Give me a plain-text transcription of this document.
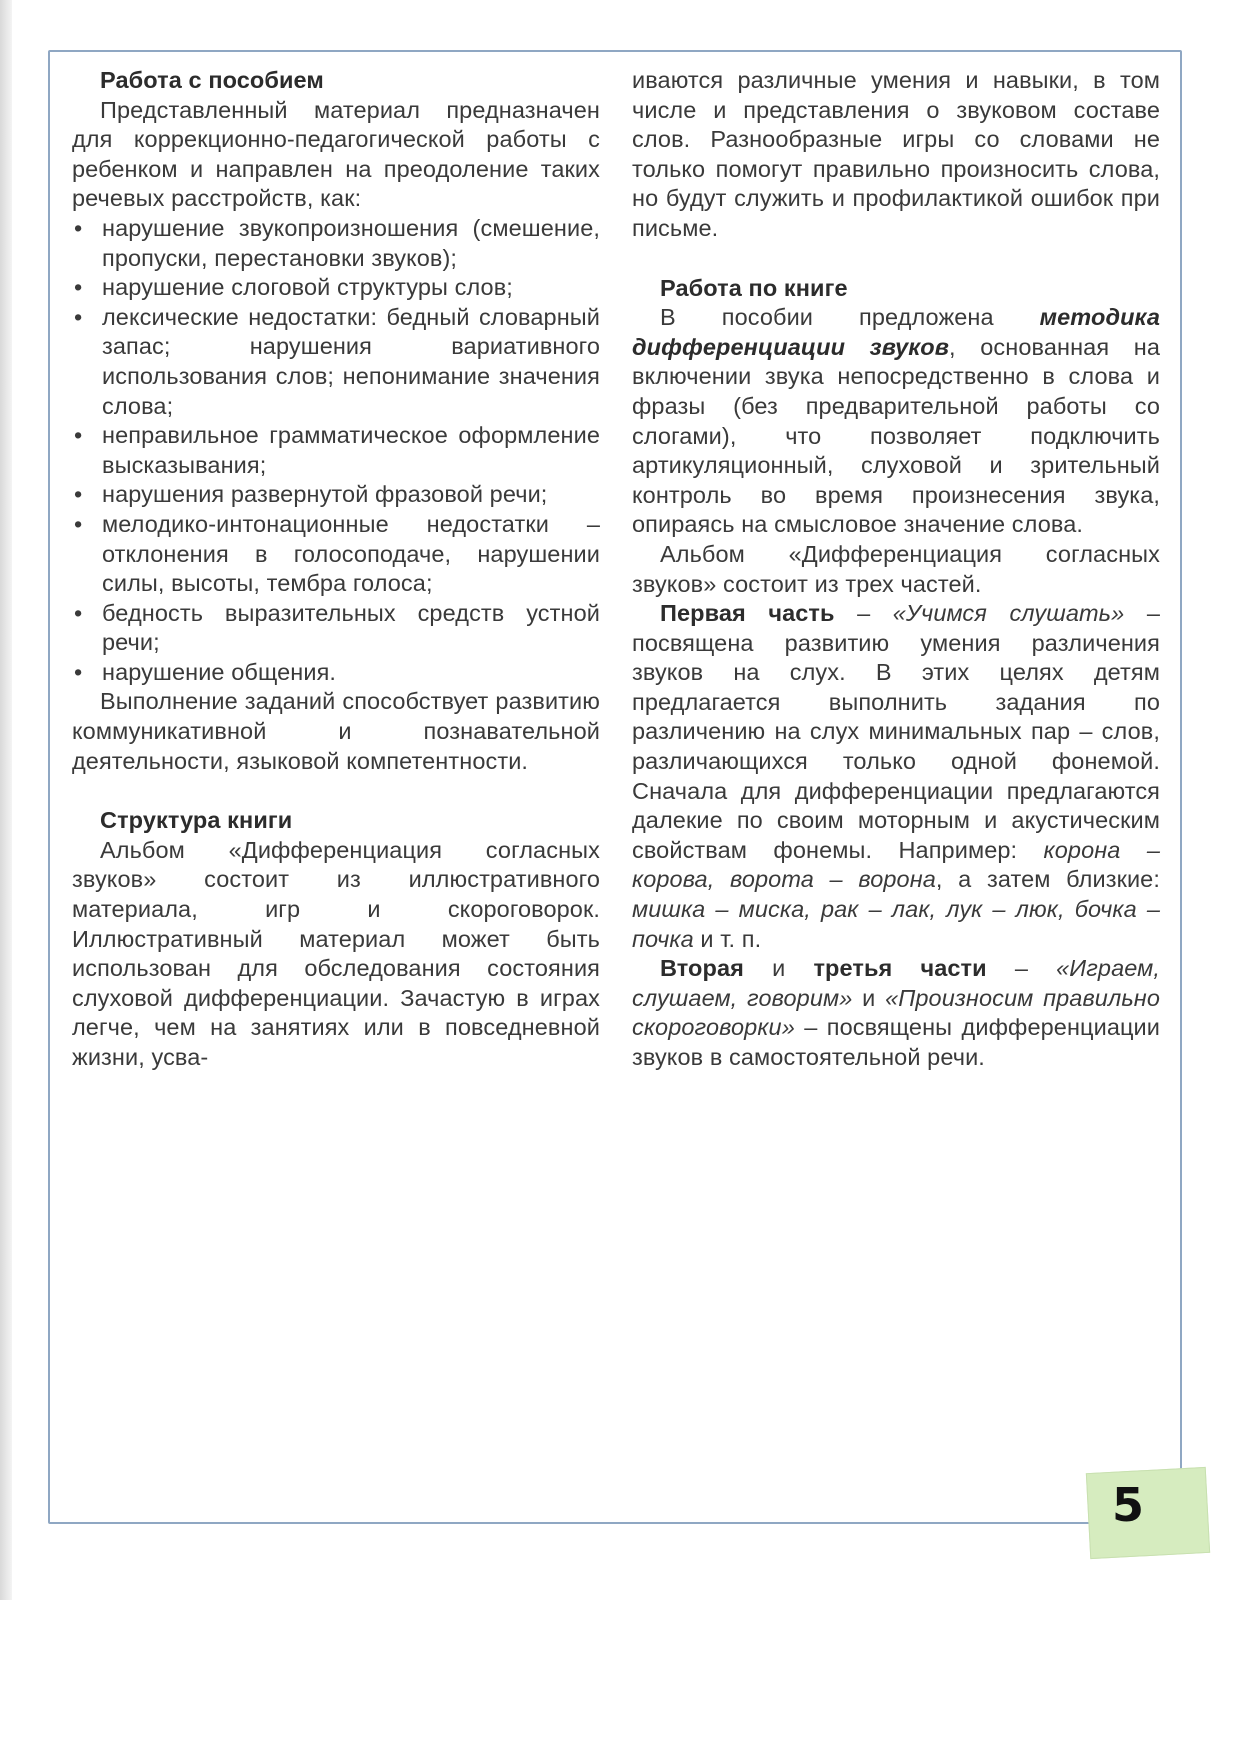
Работа с пособием

Представленный материал предназначен для коррекционно-педагогической работы с ребенком и направлен на преодоление таких речевых расстройств, как:

• нарушение звукопроизношения (смешение, пропуски, перестановки звуков);
• нарушение слоговой структуры слов;
• лексические недостатки: бедный словарный запас; нарушения вариативного использования слов; непонимание значения слова;
• неправильное грамматическое оформление высказывания;
• нарушения развернутой фразовой речи;
• мелодико-интонационные недостатки – отклонения в голосоподаче, нарушении силы, высоты, тембра голоса;
• бедность выразительных средств устной речи;
• нарушение общения.

Выполнение заданий способствует развитию коммуникативной и познавательной деятельности, языковой компетентности.

Структура книги

Альбом «Дифференциация согласных звуков» состоит из иллюстративного материала, игр и скороговорок. Иллюстративный материал может быть использован для обследования состояния слуховой дифференциации. Зачастую в играх легче, чем на занятиях или в повседневной жизни, усва-

иваются различные умения и навыки, в том числе и представления о звуковом составе слов. Разнообразные игры со словами не только помогут правильно произносить слова, но будут служить и профилактикой ошибок при письме.

Работа по книге

В пособии предложена методика дифференциации звуков, основанная на включении звука непосредственно в слова и фразы (без предварительной работы со слогами), что позволяет подключить артикуляционный, слуховой и зрительный контроль во время произнесения звука, опираясь на смысловое значение слова.

Альбом «Дифференциация согласных звуков» состоит из трех частей.

Первая часть – «Учимся слушать» – посвящена развитию умения различения звуков на слух. В этих целях детям предлагается выполнить задания по различению на слух минимальных пар – слов, различающихся только одной фонемой. Сначала для дифференциации предлагаются далекие по своим моторным и акустическим свойствам фонемы. Например: корона – корова, ворота – ворона, а затем близкие: мишка – миска, рак – лак, лук – люк, бочка – почка и т. п.

Вторая и третья части – «Играем, слушаем, говорим» и «Произносим правильно скороговорки» – посвящены дифференциации звуков в самостоятельной речи.

5
